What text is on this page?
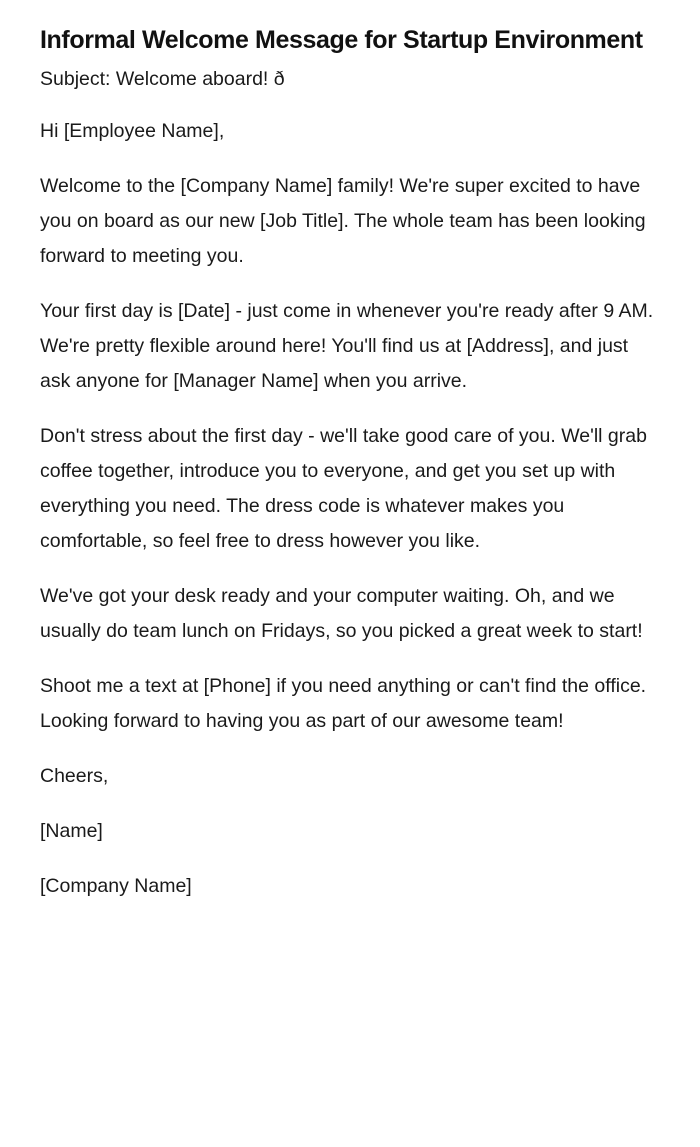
Informal Welcome Message for Startup Environment

Subject: Welcome aboard! ð

Hi [Employee Name],

Welcome to the [Company Name] family! We're super excited to have you on board as our new [Job Title]. The whole team has been looking forward to meeting you.

Your first day is [Date] - just come in whenever you're ready after 9 AM. We're pretty flexible around here! You'll find us at [Address], and just ask anyone for [Manager Name] when you arrive.

Don't stress about the first day - we'll take good care of you. We'll grab coffee together, introduce you to everyone, and get you set up with everything you need. The dress code is whatever makes you comfortable, so feel free to dress however you like.

We've got your desk ready and your computer waiting. Oh, and we usually do team lunch on Fridays, so you picked a great week to start!

Shoot me a text at [Phone] if you need anything or can't find the office. Looking forward to having you as part of our awesome team!

Cheers,

[Name]

[Company Name]
